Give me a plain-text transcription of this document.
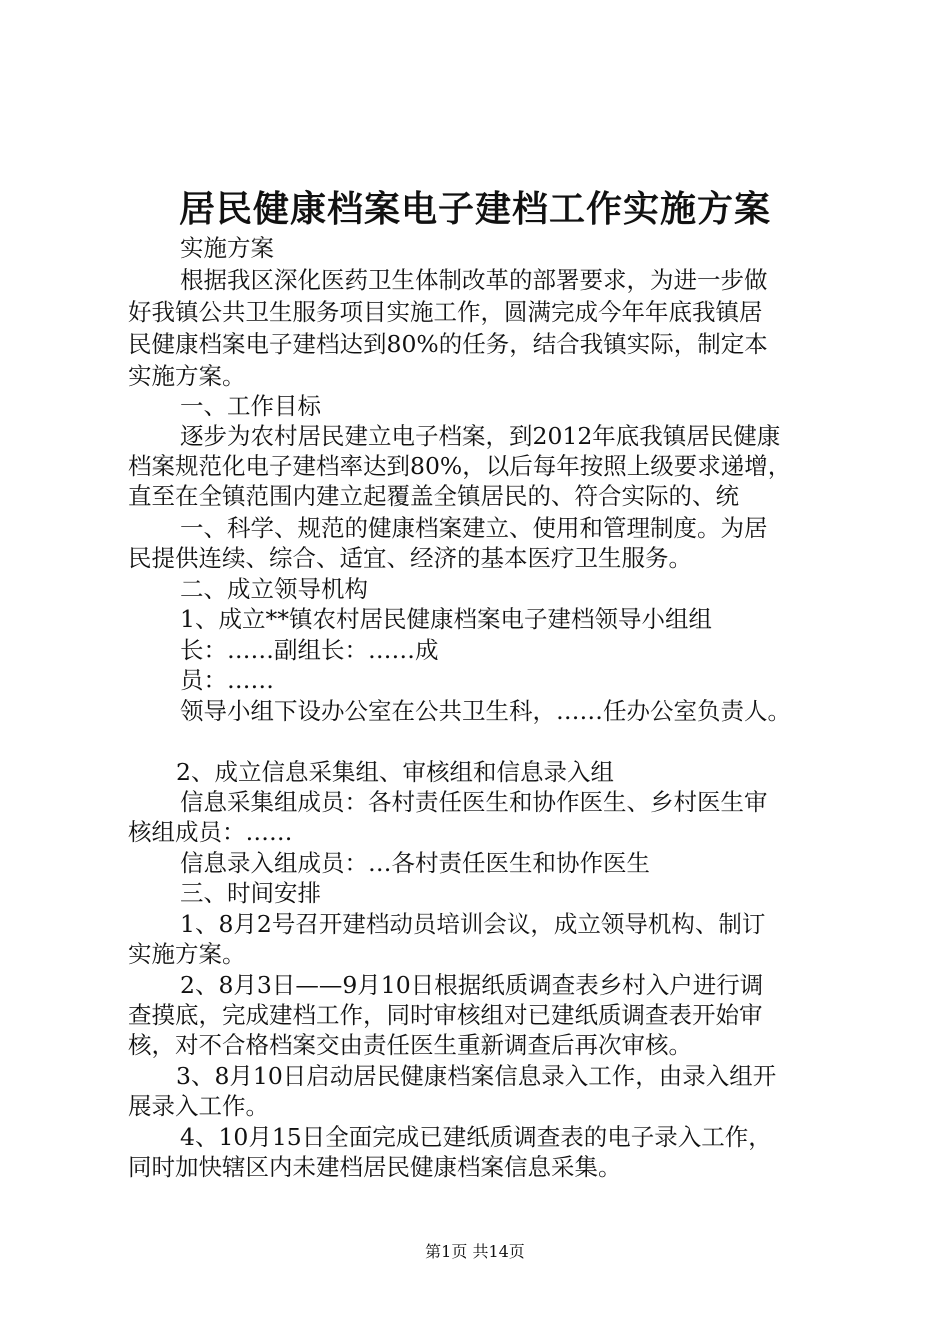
居民健康档案电子建档工作实施方案
实施方案
根据我区深化医药卫生体制改革的部署要求，为进一步做
好我镇公共卫生服务项目实施工作，圆满完成今年年底我镇居
民健康档案电子建档达到80%的任务，结合我镇实际，制定本
实施方案。
一、工作目标
逐步为农村居民建立电子档案，到2012年底我镇居民健康
档案规范化电子建档率达到80%，以后每年按照上级要求递增，
直至在全镇范围内建立起覆盖全镇居民的、符合实际的、统
一、科学、规范的健康档案建立、使用和管理制度。为居
民提供连续、综合、适宜、经济的基本医疗卫生服务。
二、成立领导机构
1、成立**镇农村居民健康档案电子建档领导小组组
长：……副组长：……成
员：……
领导小组下设办公室在公共卫生科，……任办公室负责人。
2、成立信息采集组、审核组和信息录入组
信息采集组成员：各村责任医生和协作医生、乡村医生审
核组成员：……
信息录入组成员：…各村责任医生和协作医生
三、时间安排
1、8月2号召开建档动员培训会议，成立领导机构、制订
实施方案。
2、8月3日——9月10日根据纸质调查表乡村入户进行调
查摸底，完成建档工作，同时审核组对已建纸质调查表开始审
核，对不合格档案交由责任医生重新调查后再次审核。
3、8月10日启动居民健康档案信息录入工作，由录入组开
展录入工作。
4、10月15日全面完成已建纸质调查表的电子录入工作，
同时加快辖区内未建档居民健康档案信息采集。
第1页 共14页
